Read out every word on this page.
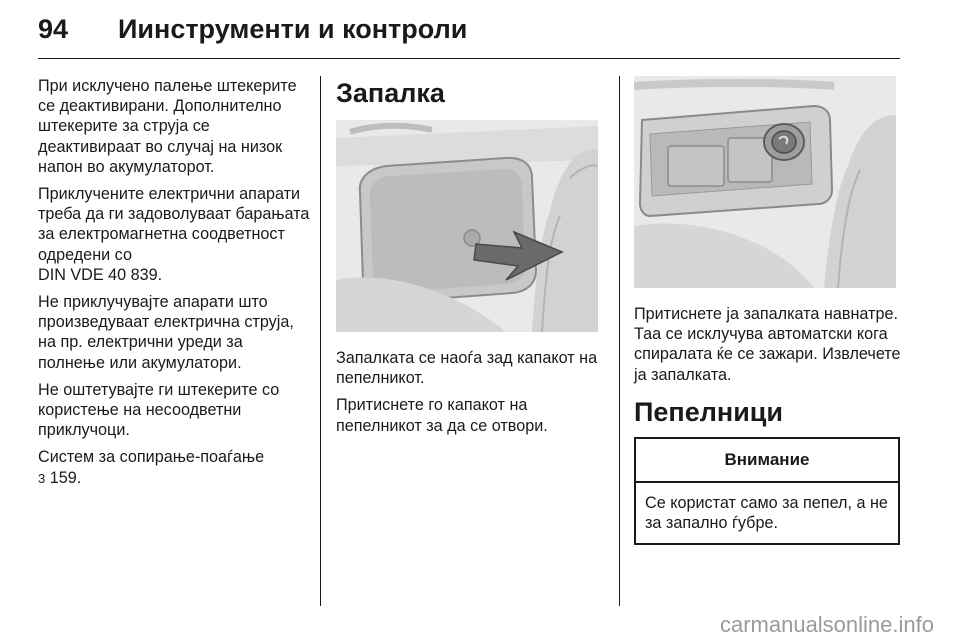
94 Иинструменти и контроли

При исклучено палење штекерите се деактивирани. Дополнително штекерите за струја се деактивираат во случај на низок напон во акумулаторот.

Приклучените електрични апарати треба да ги задоволуваат барањата за електромагнетна соодветност одредени со
DIN VDE 40 839.

Не приклучувајте апарати што произведуваат електрична струја, на пр. електрични уреди за полнење или акумулатори.

Не оштетувајте ги штекерите со користење на несоодветни приклучоци.

Систем за сопирање-поаѓање
3 159.

Запалка

Запалката се наоѓа зад капакот на пепелникот.

Притиснете го капакот на пепелникот за да се отвори.

Притиснете ја запалката навнатре. Таа се исклучува автоматски кога спиралата ќе се зажари. Извлечете ја запалката.

Пепелници
Внимание
Се користат само за пепел, а не за запално ѓубре.
carmanualsonline.info
